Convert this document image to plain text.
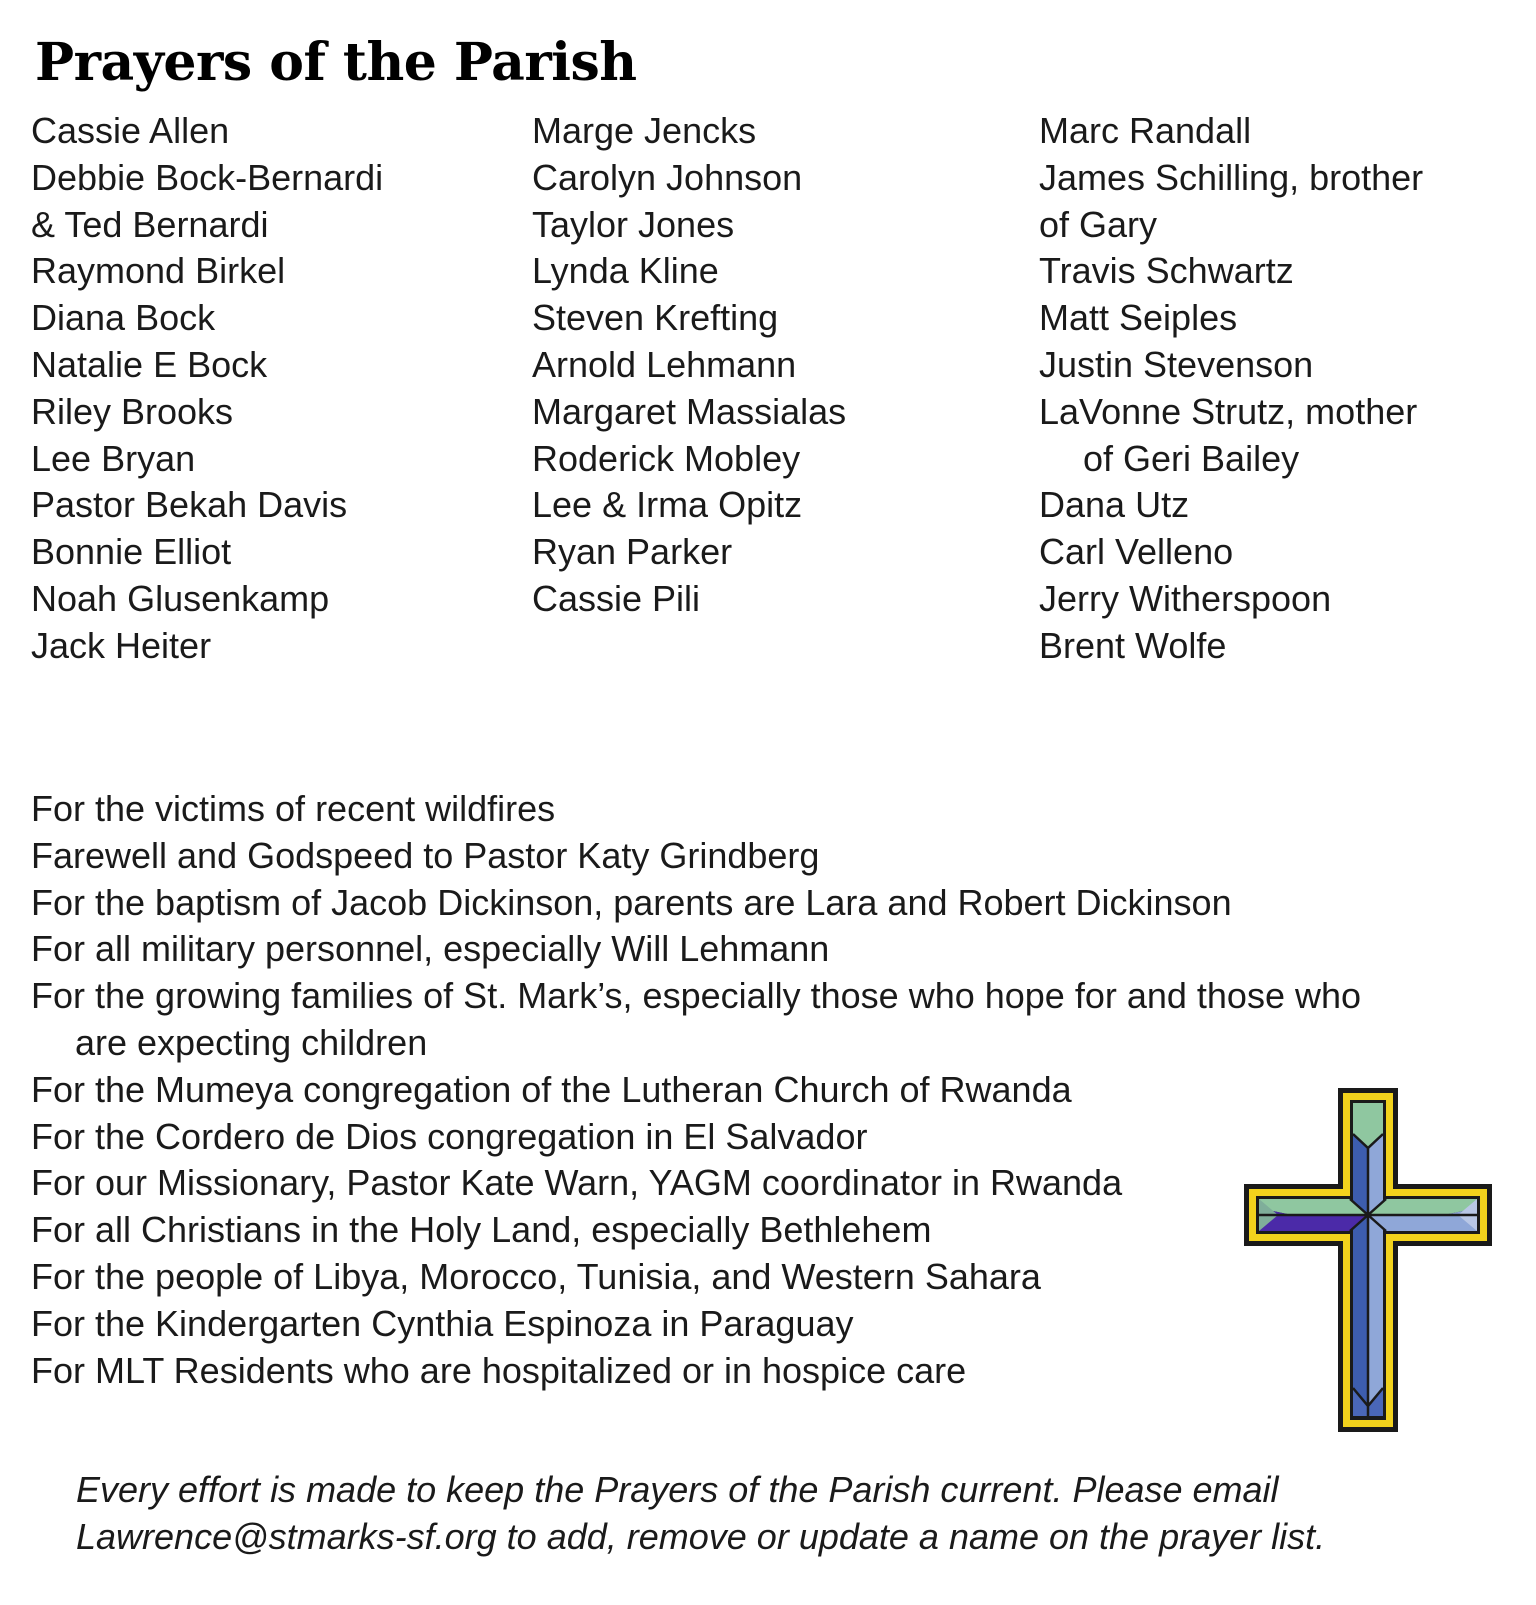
Prayers of the Parish
Cassie Allen
Debbie Bock-Bernardi
& Ted Bernardi
Raymond Birkel
Diana Bock
Natalie E Bock
Riley Brooks
Lee Bryan
Pastor Bekah Davis
Bonnie Elliot
Noah Glusenkamp
Jack Heiter
Marge Jencks
Carolyn Johnson
Taylor Jones
Lynda Kline
Steven Krefting
Arnold Lehmann
Margaret Massialas
Roderick Mobley
Lee & Irma Opitz
Ryan Parker
Cassie Pili
Marc Randall
James Schilling, brother
of Gary
Travis Schwartz
Matt Seiples
Justin Stevenson
LaVonne Strutz, mother
of Geri Bailey
Dana Utz
Carl Velleno
Jerry Witherspoon
Brent Wolfe
For the victims of recent wildfires
Farewell and Godspeed to Pastor Katy Grindberg
For the baptism of Jacob Dickinson, parents are Lara and Robert Dickinson
For all military personnel, especially Will Lehmann
For the growing families of St. Mark’s, especially those who hope for and those who
are expecting children
For the Mumeya congregation of the Lutheran Church of Rwanda
For the Cordero de Dios congregation in El Salvador
For our Missionary, Pastor Kate Warn, YAGM coordinator in Rwanda
For all Christians in the Holy Land, especially Bethlehem
For the people of Libya, Morocco, Tunisia, and Western Sahara
For the Kindergarten Cynthia Espinoza in Paraguay
For MLT Residents who are hospitalized or in hospice care

Every effort is made to keep the Prayers of the Parish current. Please email
Lawrence@stmarks-sf.org to add, remove or update a name on the prayer list.
